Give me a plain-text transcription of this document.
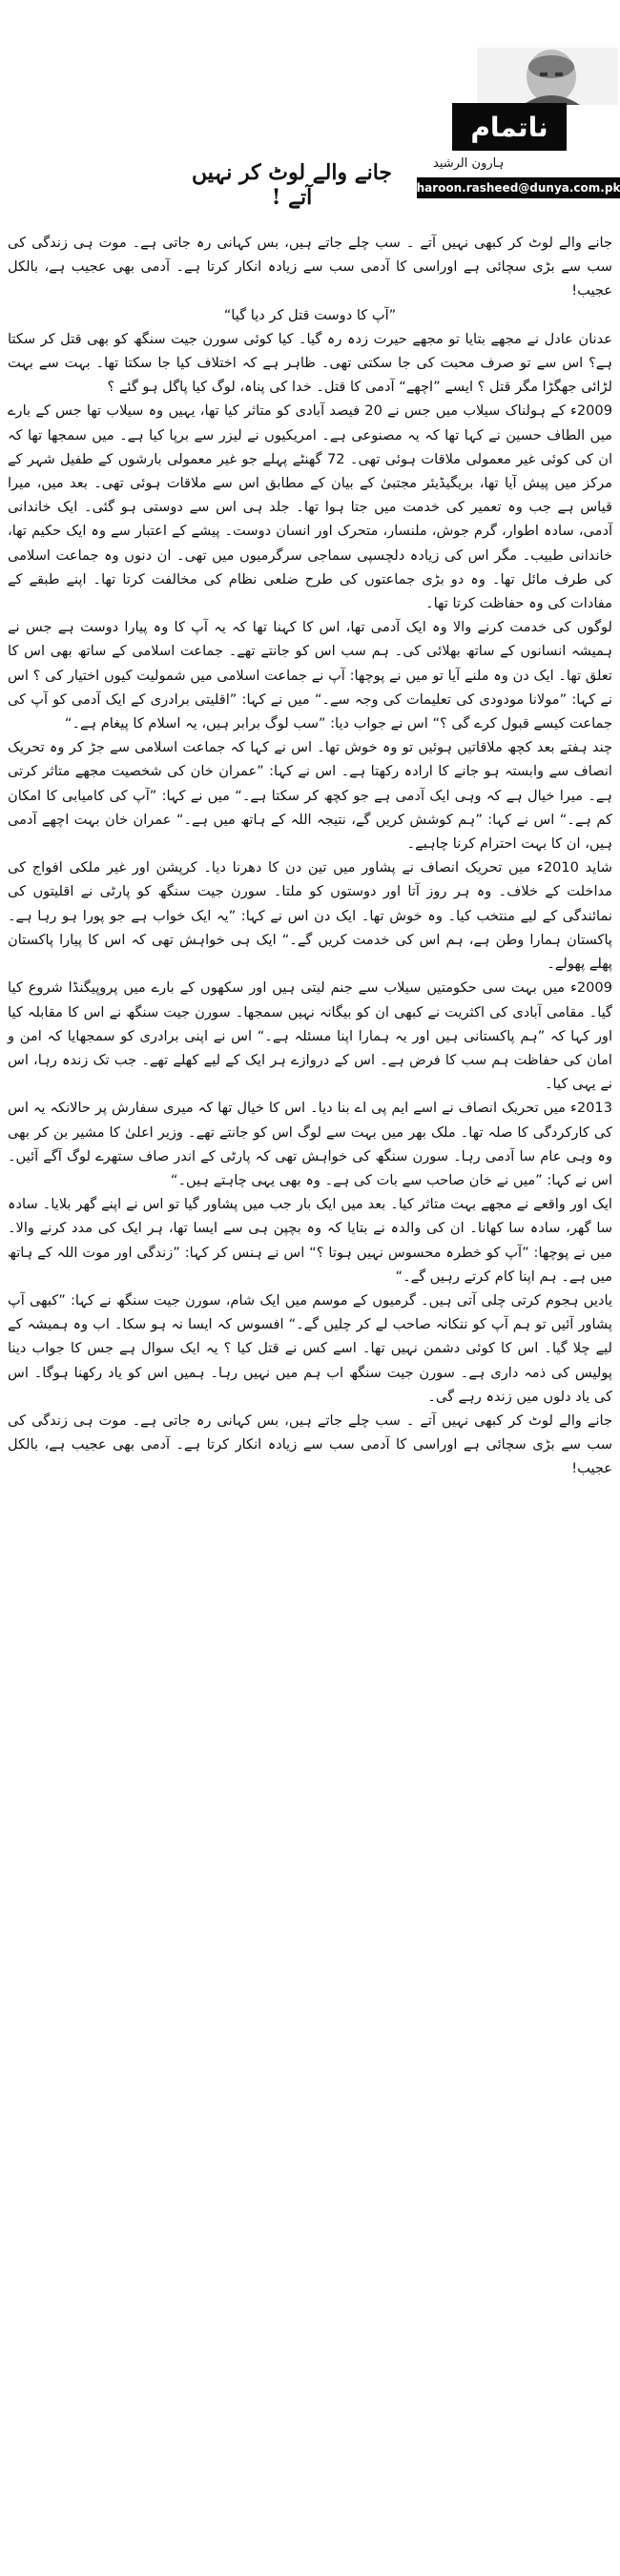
ناتمام
ہارون الرشید
haroon.rasheed@dunya.com.pk
جانے والے لوٹ کر نہیں آتے !

جانے والے لوٹ کر کبھی نہیں آتے ۔ سب چلے جاتے ہیں، بس کہانی رہ جاتی ہے۔ موت ہی زندگی کی سب سے بڑی سچائی ہے اوراسی کا آدمی سب سے زیادہ انکار کرتا ہے۔ آدمی بھی عجیب ہے، بالکل عجیب!

”آپ کا دوست قتل کر دیا گیا“

عدنان عادل نے مجھے بتایا تو مجھے حیرت زدہ رہ گیا۔ کیا کوئی سورن جیت سنگھ کو بھی قتل کر سکتا ہے؟ اس سے تو صرف محبت کی جا سکتی تھی۔ ظاہر ہے کہ اختلاف کیا جا سکتا تھا۔ بہت سے بہت لڑائی جھگڑا مگر قتل ؟ ایسے ”اچھے“ آدمی کا قتل۔ خدا کی پناہ، لوگ کیا پاگل ہو گئے ؟

2009ء کے ہولناک سیلاب میں جس نے 20 فیصد آبادی کو متاثر کیا تھا، یہیں وہ سیلاب تھا جس کے بارے میں الطاف حسین نے کہا تھا کہ یہ مصنوعی ہے۔ امریکیوں نے لیزر سے برپا کیا ہے۔ میں سمجھا تھا کہ ان کی کوئی غیر معمولی ملاقات ہوئی تھی۔ 72 گھنٹے پہلے جو غیر معمولی بارشوں کے طفیل شہر کے مرکز میں پیش آیا تھا، بریگیڈیئر مجتبیٰ کے بیان کے مطابق اس سے ملاقات ہوئی تھی۔ بعد میں، میرا قیاس ہے جب وہ تعمیر کی خدمت میں جتا ہوا تھا۔ جلد ہی اس سے دوستی ہو گئی۔ ایک خاندانی آدمی، سادہ اطوار، گرم جوش، ملنسار، متحرک اور انسان دوست۔ پیشے کے اعتبار سے وہ ایک حکیم تھا، خاندانی طبیب۔ مگر اس کی زیادہ دلچسپی سماجی سرگرمیوں میں تھی۔ ان دنوں وہ جماعت اسلامی کی طرف مائل تھا۔ وہ دو بڑی جماعتوں کی طرح ضلعی نظام کی مخالفت کرتا تھا۔ اپنے طبقے کے مفادات کی وہ حفاظت کرتا تھا۔

لوگوں کی خدمت کرنے والا وہ ایک آدمی تھا، اس کا کہنا تھا کہ یہ آپ کا وہ پیارا دوست ہے جس نے ہمیشہ انسانوں کے ساتھ بھلائی کی۔ ہم سب اس کو جانتے تھے۔ جماعت اسلامی کے ساتھ بھی اس کا تعلق تھا۔ ایک دن وہ ملنے آیا تو میں نے پوچھا: آپ نے جماعت اسلامی میں شمولیت کیوں اختیار کی ؟ اس نے کہا: ”مولانا مودودی کی تعلیمات کی وجہ سے۔“ میں نے کہا: ”اقلیتی برادری کے ایک آدمی کو آپ کی جماعت کیسے قبول کرے گی ؟“ اس نے جواب دیا: ”سب لوگ برابر ہیں، یہ اسلام کا پیغام ہے۔“

چند ہفتے بعد کچھ ملاقاتیں ہوئیں تو وہ خوش تھا۔ اس نے کہا کہ جماعت اسلامی سے جڑ کر وہ تحریک انصاف سے وابستہ ہو جانے کا ارادہ رکھتا ہے۔ اس نے کہا: ”عمران خان کی شخصیت مجھے متاثر کرتی ہے۔ میرا خیال ہے کہ وہی ایک آدمی ہے جو کچھ کر سکتا ہے۔“ میں نے کہا: ”آپ کی کامیابی کا امکان کم ہے۔“ اس نے کہا: ”ہم کوشش کریں گے، نتیجہ اللہ کے ہاتھ میں ہے۔“ عمران خان بہت اچھے آدمی ہیں، ان کا بہت احترام کرنا چاہیے۔

شاید 2010ء میں تحریک انصاف نے پشاور میں تین دن کا دھرنا دیا۔ کرپشن اور غیر ملکی افواج کی مداخلت کے خلاف۔ وہ ہر روز آتا اور دوستوں کو ملتا۔ سورن جیت سنگھ کو پارٹی نے اقلیتوں کی نمائندگی کے لیے منتخب کیا۔ وہ خوش تھا۔ ایک دن اس نے کہا: ”یہ ایک خواب ہے جو پورا ہو رہا ہے۔ پاکستان ہمارا وطن ہے، ہم اس کی خدمت کریں گے۔“ ایک ہی خواہش تھی کہ اس کا پیارا پاکستان پھلے پھولے۔

2009ء میں بہت سی حکومتیں سیلاب سے جنم لیتی ہیں اور سکھوں کے بارے میں پروپیگنڈا شروع کیا گیا۔ مقامی آبادی کی اکثریت نے کبھی ان کو بیگانہ نہیں سمجھا۔ سورن جیت سنگھ نے اس کا مقابلہ کیا اور کہا کہ ”ہم پاکستانی ہیں اور یہ ہمارا اپنا مسئلہ ہے۔“ اس نے اپنی برادری کو سمجھایا کہ امن و امان کی حفاظت ہم سب کا فرض ہے۔ اس کے دروازے ہر ایک کے لیے کھلے تھے۔ جب تک زندہ رہا، اس نے یہی کیا۔

2013ء میں تحریک انصاف نے اسے ایم پی اے بنا دیا۔ اس کا خیال تھا کہ میری سفارش پر حالانکہ یہ اس کی کارکردگی کا صلہ تھا۔ ملک بھر میں بہت سے لوگ اس کو جانتے تھے۔ وزیر اعلیٰ کا مشیر بن کر بھی وہ وہی عام سا آدمی رہا۔ سورن سنگھ کی خواہش تھی کہ پارٹی کے اندر صاف ستھرے لوگ آگے آئیں۔ اس نے کہا: ”میں نے خان صاحب سے بات کی ہے۔ وہ بھی یہی چاہتے ہیں۔“

ایک اور واقعے نے مجھے بہت متاثر کیا۔ بعد میں ایک بار جب میں پشاور گیا تو اس نے اپنے گھر بلایا۔ سادہ سا گھر، سادہ سا کھانا۔ ان کی والدہ نے بتایا کہ وہ بچپن ہی سے ایسا تھا، ہر ایک کی مدد کرنے والا۔ میں نے پوچھا: ”آپ کو خطرہ محسوس نہیں ہوتا ؟“ اس نے ہنس کر کہا: ”زندگی اور موت اللہ کے ہاتھ میں ہے۔ ہم اپنا کام کرتے رہیں گے۔“

یادیں ہجوم کرتی چلی آتی ہیں۔ گرمیوں کے موسم میں ایک شام، سورن جیت سنگھ نے کہا: ”کبھی آپ پشاور آئیں تو ہم آپ کو ننکانہ صاحب لے کر چلیں گے۔“ افسوس کہ ایسا نہ ہو سکا۔ اب وہ ہمیشہ کے لیے چلا گیا۔ اس کا کوئی دشمن نہیں تھا۔ اسے کس نے قتل کیا ؟ یہ ایک سوال ہے جس کا جواب دینا پولیس کی ذمہ داری ہے۔ سورن جیت سنگھ اب ہم میں نہیں رہا۔ ہمیں اس کو یاد رکھنا ہوگا۔ اس کی یاد دلوں میں زندہ رہے گی۔

جانے والے لوٹ کر کبھی نہیں آتے ۔ سب چلے جاتے ہیں، بس کہانی رہ جاتی ہے۔ موت ہی زندگی کی سب سے بڑی سچائی ہے اوراسی کا آدمی سب سے زیادہ انکار کرتا ہے۔ آدمی بھی عجیب ہے، بالکل عجیب!
